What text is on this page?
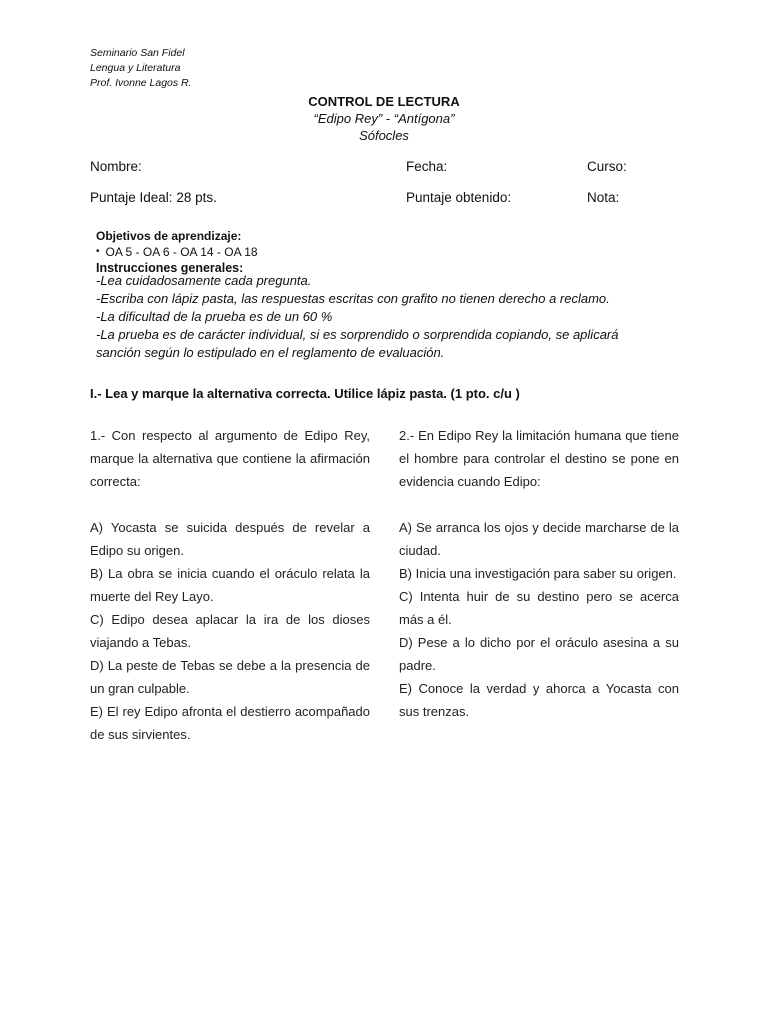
Seminario San Fidel
Lengua y Literatura
Prof. Ivonne Lagos R.
CONTROL DE LECTURA
“Edipo Rey” - “Antígona”
Sófocles
Nombre:	Fecha:	Curso:
Puntaje Ideal: 28 pts.	Puntaje obtenido:	Nota:
Objetivos de aprendizaje:
• OA 5 - OA 6 - OA 14 - OA 18
Instrucciones generales:
-Lea cuidadosamente cada pregunta.
-Escriba con lápiz pasta, las respuestas escritas con grafito no tienen derecho a reclamo.
-La dificultad de la prueba es de un 60 %
-La prueba es de carácter individual, si es sorprendido o sorprendida copiando, se aplicará
sanción según lo estipulado en el reglamento de evaluación.
I.- Lea y marque la alternativa correcta. Utilice lápiz pasta. (1 pto. c/u )

1.- Con respecto al argumento de Edipo Rey, marque la alternativa que contiene la afirmación correcta:

A) Yocasta se suicida después de revelar a Edipo su origen.

B) La obra se inicia cuando el oráculo relata la muerte del Rey Layo.

C) Edipo desea aplacar la ira de los dioses viajando a Tebas.

D) La peste de Tebas se debe a la presencia de un gran culpable.

E) El rey Edipo afronta el destierro acompañado de sus sirvientes.

2.- En Edipo Rey la limitación humana que tiene el hombre para controlar el destino se pone en evidencia cuando Edipo:

A) Se arranca los ojos y decide marcharse de la ciudad.

B) Inicia una investigación para saber su origen.

C) Intenta huir de su destino pero se acerca más a él.

D) Pese a lo dicho por el oráculo asesina a su padre.

E) Conoce la verdad y ahorca a Yocasta con sus trenzas.
